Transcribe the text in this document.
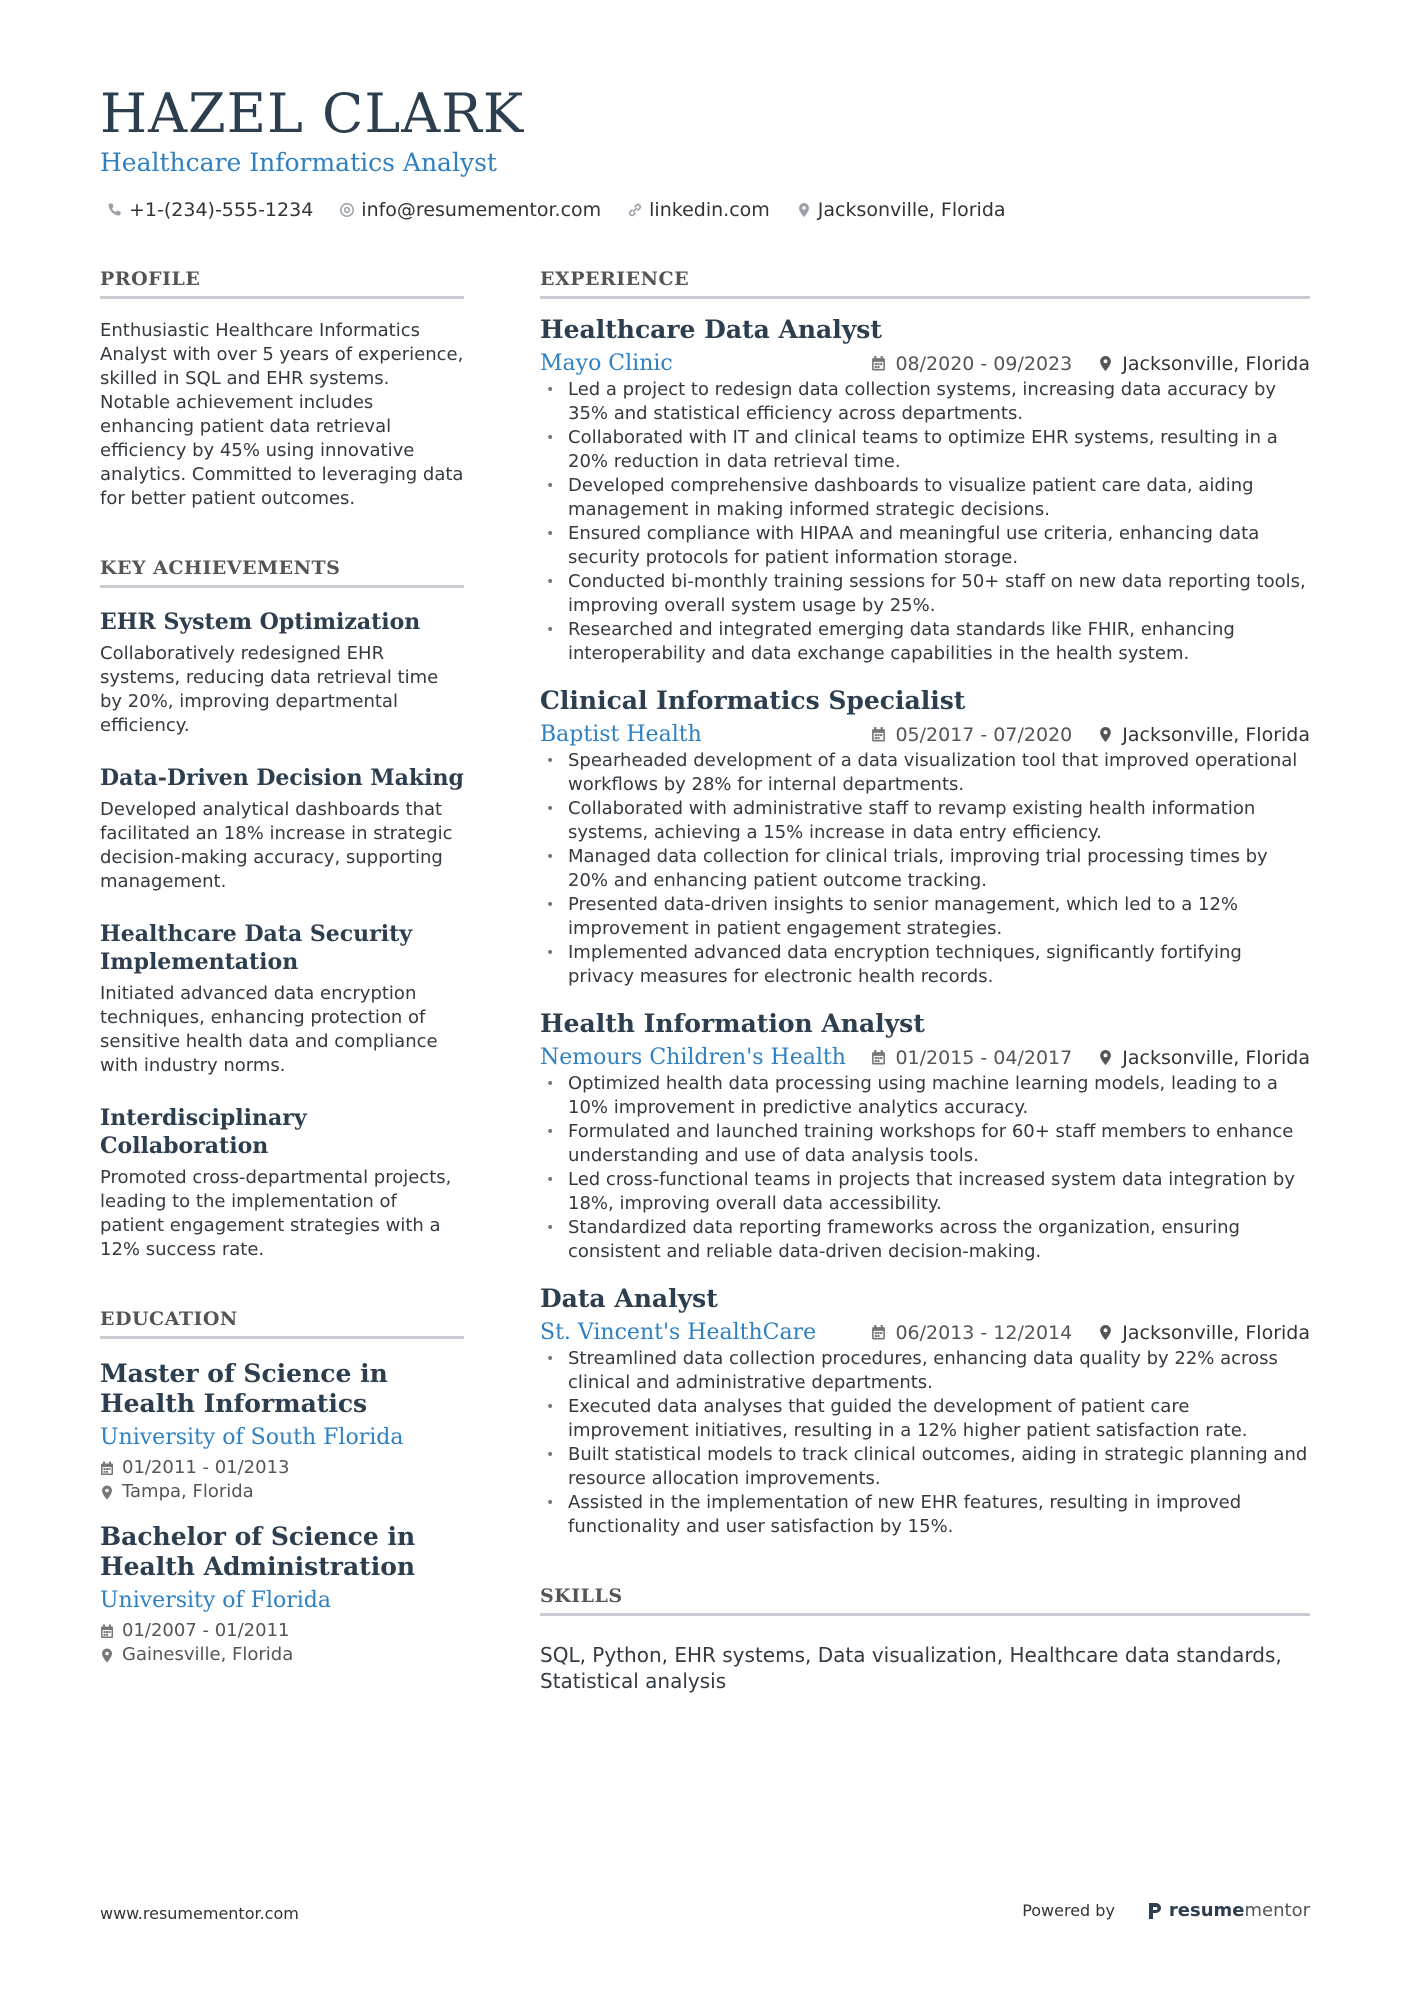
HAZEL CLARK
Healthcare Informatics Analyst
+1-(234)-555-1234	info@resumementor.com	linkedin.com	Jacksonville, Florida
PROFILE

Enthusiastic Healthcare Informatics Analyst with over 5 years of experience, skilled in SQL and EHR systems. Notable achievement includes enhancing patient data retrieval efficiency by 45% using innovative analytics. Committed to leveraging data for better patient outcomes.

KEY ACHIEVEMENTS
EHR System Optimization
Collaboratively redesigned EHR systems, reducing data retrieval time by 20%, improving departmental efficiency.
Data-Driven Decision Making
Developed analytical dashboards that facilitated an 18% increase in strategic decision-making accuracy, supporting management.
Healthcare Data Security Implementation
Initiated advanced data encryption techniques, enhancing protection of sensitive health data and compliance with industry norms.
Interdisciplinary Collaboration
Promoted cross-departmental projects, leading to the implementation of patient engagement strategies with a 12% success rate.
EDUCATION
Master of Science in Health Informatics
University of South Florida
01/2011 - 01/2013
Tampa, Florida
Bachelor of Science in Health Administration
University of Florida
01/2007 - 01/2011
Gainesville, Florida
EXPERIENCE
Healthcare Data Analyst
Mayo Clinic	08/2020 - 09/2023	Jacksonville, Florida
• Led a project to redesign data collection systems, increasing data accuracy by 35% and statistical efficiency across departments.
• Collaborated with IT and clinical teams to optimize EHR systems, resulting in a 20% reduction in data retrieval time.
• Developed comprehensive dashboards to visualize patient care data, aiding management in making informed strategic decisions.
• Ensured compliance with HIPAA and meaningful use criteria, enhancing data security protocols for patient information storage.
• Conducted bi-monthly training sessions for 50+ staff on new data reporting tools, improving overall system usage by 25%.
• Researched and integrated emerging data standards like FHIR, enhancing interoperability and data exchange capabilities in the health system.
Clinical Informatics Specialist
Baptist Health	05/2017 - 07/2020	Jacksonville, Florida
• Spearheaded development of a data visualization tool that improved operational workflows by 28% for internal departments.
• Collaborated with administrative staff to revamp existing health information systems, achieving a 15% increase in data entry efficiency.
• Managed data collection for clinical trials, improving trial processing times by 20% and enhancing patient outcome tracking.
• Presented data-driven insights to senior management, which led to a 12% improvement in patient engagement strategies.
• Implemented advanced data encryption techniques, significantly fortifying privacy measures for electronic health records.
Health Information Analyst
Nemours Children's Health	01/2015 - 04/2017	Jacksonville, Florida
• Optimized health data processing using machine learning models, leading to a 10% improvement in predictive analytics accuracy.
• Formulated and launched training workshops for 60+ staff members to enhance understanding and use of data analysis tools.
• Led cross-functional teams in projects that increased system data integration by 18%, improving overall data accessibility.
• Standardized data reporting frameworks across the organization, ensuring consistent and reliable data-driven decision-making.
Data Analyst
St. Vincent's HealthCare	06/2013 - 12/2014	Jacksonville, Florida
• Streamlined data collection procedures, enhancing data quality by 22% across clinical and administrative departments.
• Executed data analyses that guided the development of patient care improvement initiatives, resulting in a 12% higher patient satisfaction rate.
• Built statistical models to track clinical outcomes, aiding in strategic planning and resource allocation improvements.
• Assisted in the implementation of new EHR features, resulting in improved functionality and user satisfaction by 15%.
SKILLS
SQL, Python, EHR systems, Data visualization, Healthcare data standards, Statistical analysis
www.resumementor.com	Powered by	resume mentor
